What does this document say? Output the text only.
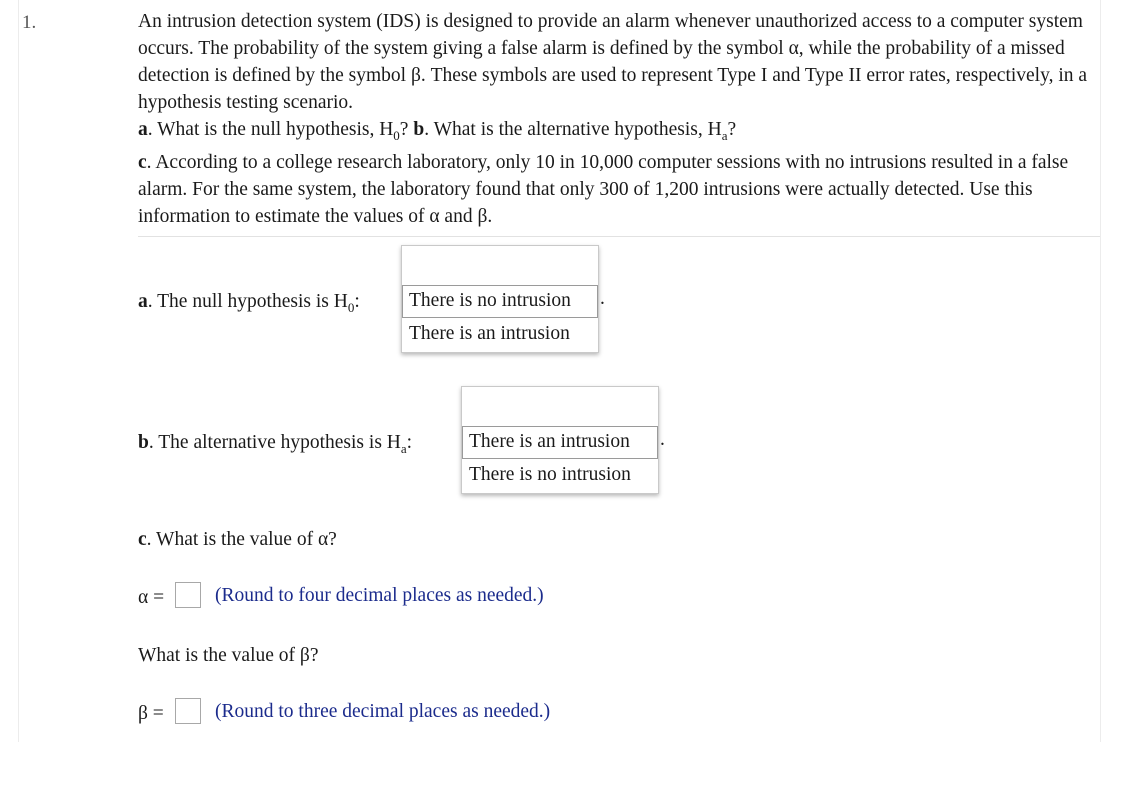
1.	An intrusion detection system (IDS) is designed to provide an alarm whenever unauthorized access to a computer system occurs. The probability of the system giving a false alarm is defined by the symbol α, while the probability of a missed detection is defined by the symbol β. These symbols are used to represent Type I and Type II error rates, respectively, in a hypothesis testing scenario.

a. What is the null hypothesis, $H_0$? b. What is the alternative hypothesis, $H_a$?

c. According to a college research laboratory, only 10 in 10,000 computer sessions with no intrusions resulted in a false alarm. For the same system, the laboratory found that only 300 of 1,200 intrusions were actually detected. Use this information to estimate the values of α and β.

a. The null hypothesis is $H_0$:	There is no intrusion
There is an intrusion
.
b. The alternative hypothesis is $H_a$:	There is an intrusion
There is no intrusion
.
c. What is the value of α?
α =	(Round to four decimal places as needed.)
What is the value of β?
β =	(Round to three decimal places as needed.)
